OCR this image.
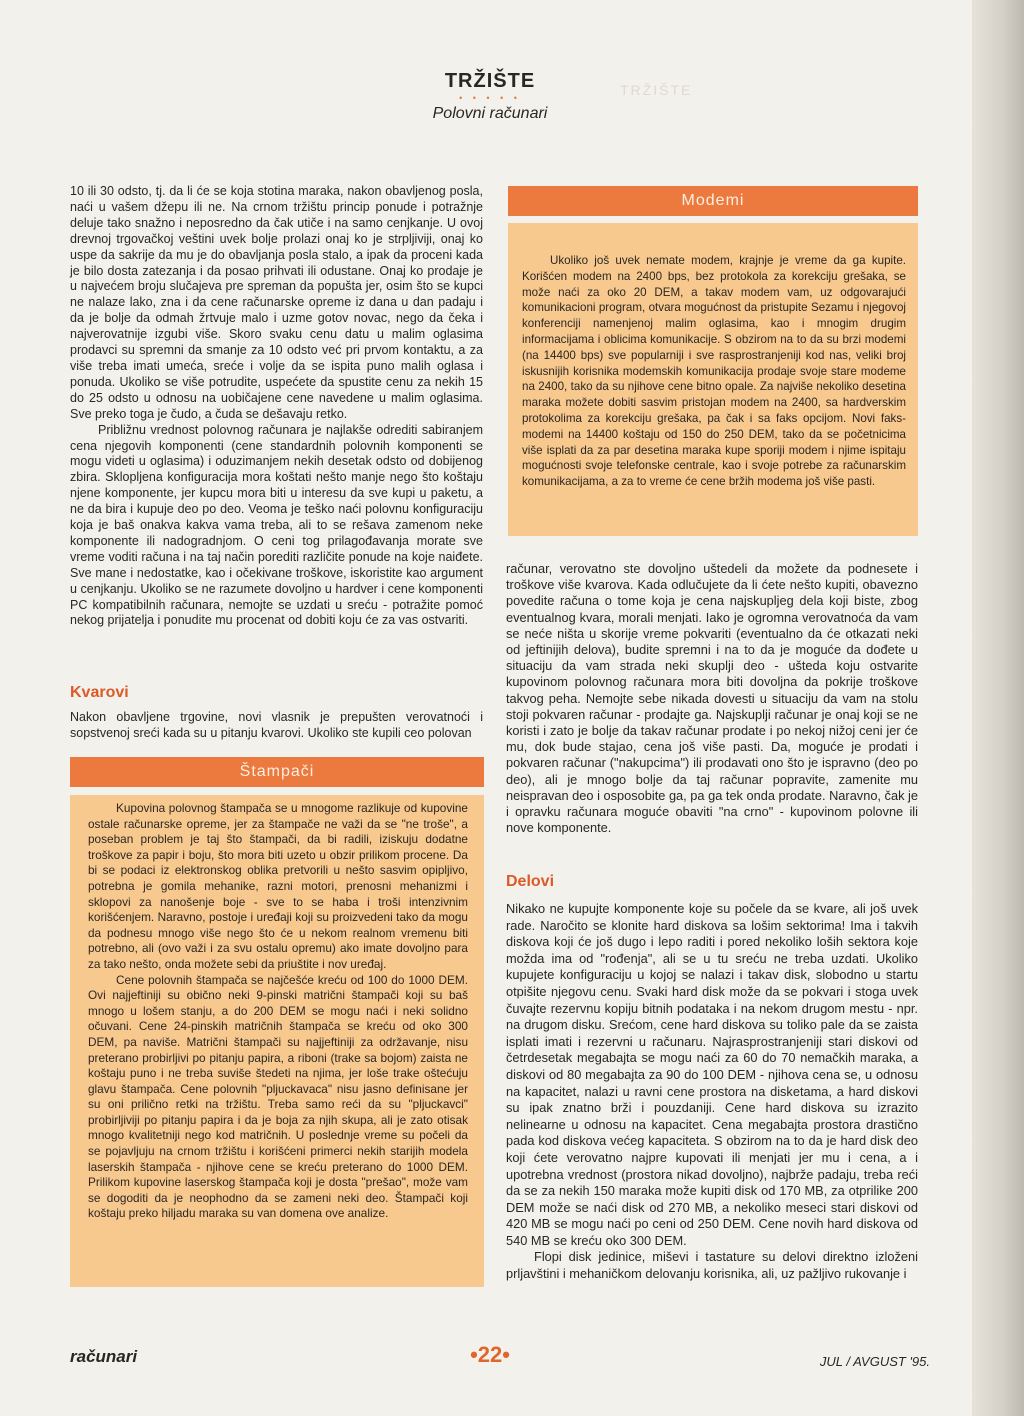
TRŽIŠTE
TRŽIŠTE
• • • • •
Polovni računari

10 ili 30 odsto, tj. da li će se koja stotina maraka, nakon obavljenog posla, naći u vašem džepu ili ne. Na crnom tržištu princip ponude i potražnje deluje tako snažno i neposredno da čak utiče i na samo cenjkanje. U ovoj drevnoj trgovačkoj veštini uvek bolje prolazi onaj ko je strpljiviji, onaj ko uspe da sakrije da mu je do obavljanja posla stalo, a ipak da proceni kada je bilo dosta zatezanja i da posao prihvati ili odustane. Onaj ko prodaje je u najvećem broju slučajeva pre spreman da popušta jer, osim što se kupci ne nalaze lako, zna i da cene računarske opreme iz dana u dan padaju i da je bolje da odmah žrtvuje malo i uzme gotov novac, nego da čeka i najverovatnije izgubi više. Skoro svaku cenu datu u malim oglasima prodavci su spremni da smanje za 10 odsto već pri prvom kontaktu, a za više treba imati umeća, sreće i volje da se ispita puno malih oglasa i ponuda. Ukoliko se više potrudite, uspećete da spustite cenu za nekih 15 do 25 odsto u odnosu na uobičajene cene navedene u malim oglasima. Sve preko toga je čudo, a čuda se dešavaju retko.

Približnu vrednost polovnog računara je najlakše odrediti sabiranjem cena njegovih komponenti (cene standardnih polovnih komponenti se mogu videti u oglasima) i oduzimanjem nekih desetak odsto od dobijenog zbira. Sklopljena konfiguracija mora koštati nešto manje nego što koštaju njene komponente, jer kupcu mora biti u interesu da sve kupi u paketu, a ne da bira i kupuje deo po deo. Veoma je teško naći polovnu konfiguraciju koja je baš onakva kakva vama treba, ali to se rešava zamenom neke komponente ili nadogradnjom. O ceni tog prilagođavanja morate sve vreme voditi računa i na taj način porediti različite ponude na koje naiđete. Sve mane i nedostatke, kao i očekivane troškove, iskoristite kao argument u cenjkanju. Ukoliko se ne razumete dovoljno u hardver i cene komponenti PC kompatibilnih računara, nemojte se uzdati u sreću - potražite pomoć nekog prijatelja i ponudite mu procenat od dobiti koju će za vas ostvariti.

Kvarovi

Nakon obavljene trgovine, novi vlasnik je prepušten verovatnoći i sopstvenoj sreći kada su u pitanju kvarovi. Ukoliko ste kupili ceo polovan

Štampači

Kupovina polovnog štampača se u mnogome razlikuje od kupovine ostale računarske opreme, jer za štampače ne važi da se "ne troše", a poseban problem je taj što štampači, da bi radili, iziskuju dodatne troškove za papir i boju, što mora biti uzeto u obzir prilikom procene. Da bi se podaci iz elektronskog oblika pretvorili u nešto sasvim opipljivo, potrebna je gomila mehanike, razni motori, prenosni mehanizmi i sklopovi za nanošenje boje - sve to se haba i troši intenzivnim korišćenjem. Naravno, postoje i uređaji koji su proizvedeni tako da mogu da podnesu mnogo više nego što će u nekom realnom vremenu biti potrebno, ali (ovo važi i za svu ostalu opremu) ako imate dovoljno para za tako nešto, onda možete sebi da priuštite i nov uređaj.

Cene polovnih štampača se najčešće kreću od 100 do 1000 DEM. Ovi najjeftiniji su obično neki 9-pinski matrični štampači koji su baš mnogo u lošem stanju, a do 200 DEM se mogu naći i neki solidno očuvani. Cene 24-pinskih matričnih štampača se kreću od oko 300 DEM, pa naviše. Matrični štampači su najjeftiniji za održavanje, nisu preterano probirljivi po pitanju papira, a riboni (trake sa bojom) zaista ne koštaju puno i ne treba suviše štedeti na njima, jer loše trake oštećuju glavu štampača. Cene polovnih "pljuckavaca" nisu jasno definisane jer su oni prilično retki na tržištu. Treba samo reći da su "pljuckavci" probirljiviji po pitanju papira i da je boja za njih skupa, ali je zato otisak mnogo kvalitetniji nego kod matričnih. U poslednje vreme su počeli da se pojavljuju na crnom tržištu i korišćeni primerci nekih starijih modela laserskih štampača - njihove cene se kreću preterano do 1000 DEM. Prilikom kupovine laserskog štampača koji je dosta "prešao", može vam se dogoditi da je neophodno da se zameni neki deo. Štampači koji koštaju preko hiljadu maraka su van domena ove analize.

Modemi

Ukoliko još uvek nemate modem, krajnje je vreme da ga kupite. Korišćen modem na 2400 bps, bez protokola za korekciju grešaka, se može naći za oko 20 DEM, a takav modem vam, uz odgovarajući komunikacioni program, otvara mogućnost da pristupite Sezamu i njegovoj konferenciji namenjenoj malim oglasima, kao i mnogim drugim informacijama i oblicima komunikacije. S obzirom na to da su brzi modemi (na 14400 bps) sve popularniji i sve rasprostranjeniji kod nas, veliki broj iskusnijih korisnika modemskih komunikacija prodaje svoje stare modeme na 2400, tako da su njihove cene bitno opale. Za najviše nekoliko desetina maraka možete dobiti sasvim pristojan modem na 2400, sa hardverskim protokolima za korekciju grešaka, pa čak i sa faks opcijom. Novi faks-modemi na 14400 koštaju od 150 do 250 DEM, tako da se početnicima više isplati da za par desetina maraka kupe sporiji modem i njime ispitaju mogućnosti svoje telefonske centrale, kao i svoje potrebe za računarskim komunikacijama, a za to vreme će cene bržih modema još više pasti.

računar, verovatno ste dovoljno uštedeli da možete da podnesete i troškove više kvarova. Kada odlučujete da li ćete nešto kupiti, obavezno povedite računa o tome koja je cena najskupljeg dela koji biste, zbog eventualnog kvara, morali menjati. Iako je ogromna verovatnoća da vam se neće ništa u skorije vreme pokvariti (eventualno da će otkazati neki od jeftinijih delova), budite spremni i na to da je moguće da dođete u situaciju da vam strada neki skuplji deo - ušteda koju ostvarite kupovinom polovnog računara mora biti dovoljna da pokrije troškove takvog peha. Nemojte sebe nikada dovesti u situaciju da vam na stolu stoji pokvaren računar - prodajte ga. Najskuplji računar je onaj koji se ne koristi i zato je bolje da takav računar prodate i po nekoj nižoj ceni jer će mu, dok bude stajao, cena još više pasti. Da, moguće je prodati i pokvaren računar ("nakupcima") ili prodavati ono što je ispravno (deo po deo), ali je mnogo bolje da taj računar popravite, zamenite mu neispravan deo i osposobite ga, pa ga tek onda prodate. Naravno, čak je i opravku računara moguće obaviti "na crno" - kupovinom polovne ili nove komponente.

Delovi

Nikako ne kupujte komponente koje su počele da se kvare, ali još uvek rade. Naročito se klonite hard diskova sa lošim sektorima! Ima i takvih diskova koji će još dugo i lepo raditi i pored nekoliko loših sektora koje možda ima od "rođenja", ali se u tu sreću ne treba uzdati. Ukoliko kupujete konfiguraciju u kojoj se nalazi i takav disk, slobodno u startu otpišite njegovu cenu. Svaki hard disk može da se pokvari i stoga uvek čuvajte rezervnu kopiju bitnih podataka i na nekom drugom mestu - npr. na drugom disku. Srećom, cene hard diskova su toliko pale da se zaista isplati imati i rezervni u računaru. Najrasprostranjeniji stari diskovi od četrdesetak megabajta se mogu naći za 60 do 70 nemačkih maraka, a diskovi od 80 megabajta za 90 do 100 DEM - njihova cena se, u odnosu na kapacitet, nalazi u ravni cene prostora na disketama, a hard diskovi su ipak znatno brži i pouzdaniji. Cene hard diskova su izrazito nelinearne u odnosu na kapacitet. Cena megabajta prostora drastično pada kod diskova većeg kapaciteta. S obzirom na to da je hard disk deo koji ćete verovatno najpre kupovati ili menjati jer mu i cena, a i upotrebna vrednost (prostora nikad dovoljno), najbrže padaju, treba reći da se za nekih 150 maraka može kupiti disk od 170 MB, za otprilike 200 DEM može se naći disk od 270 MB, a nekoliko meseci stari diskovi od 420 MB se mogu naći po ceni od 250 DEM. Cene novih hard diskova od 540 MB se kreću oko 300 DEM.

Flopi disk jedinice, miševi i tastature su delovi direktno izloženi prljavštini i mehaničkom delovanju korisnika, ali, uz pažljivo rukovanje i

računari	•22•	JUL / AVGUST '95.
